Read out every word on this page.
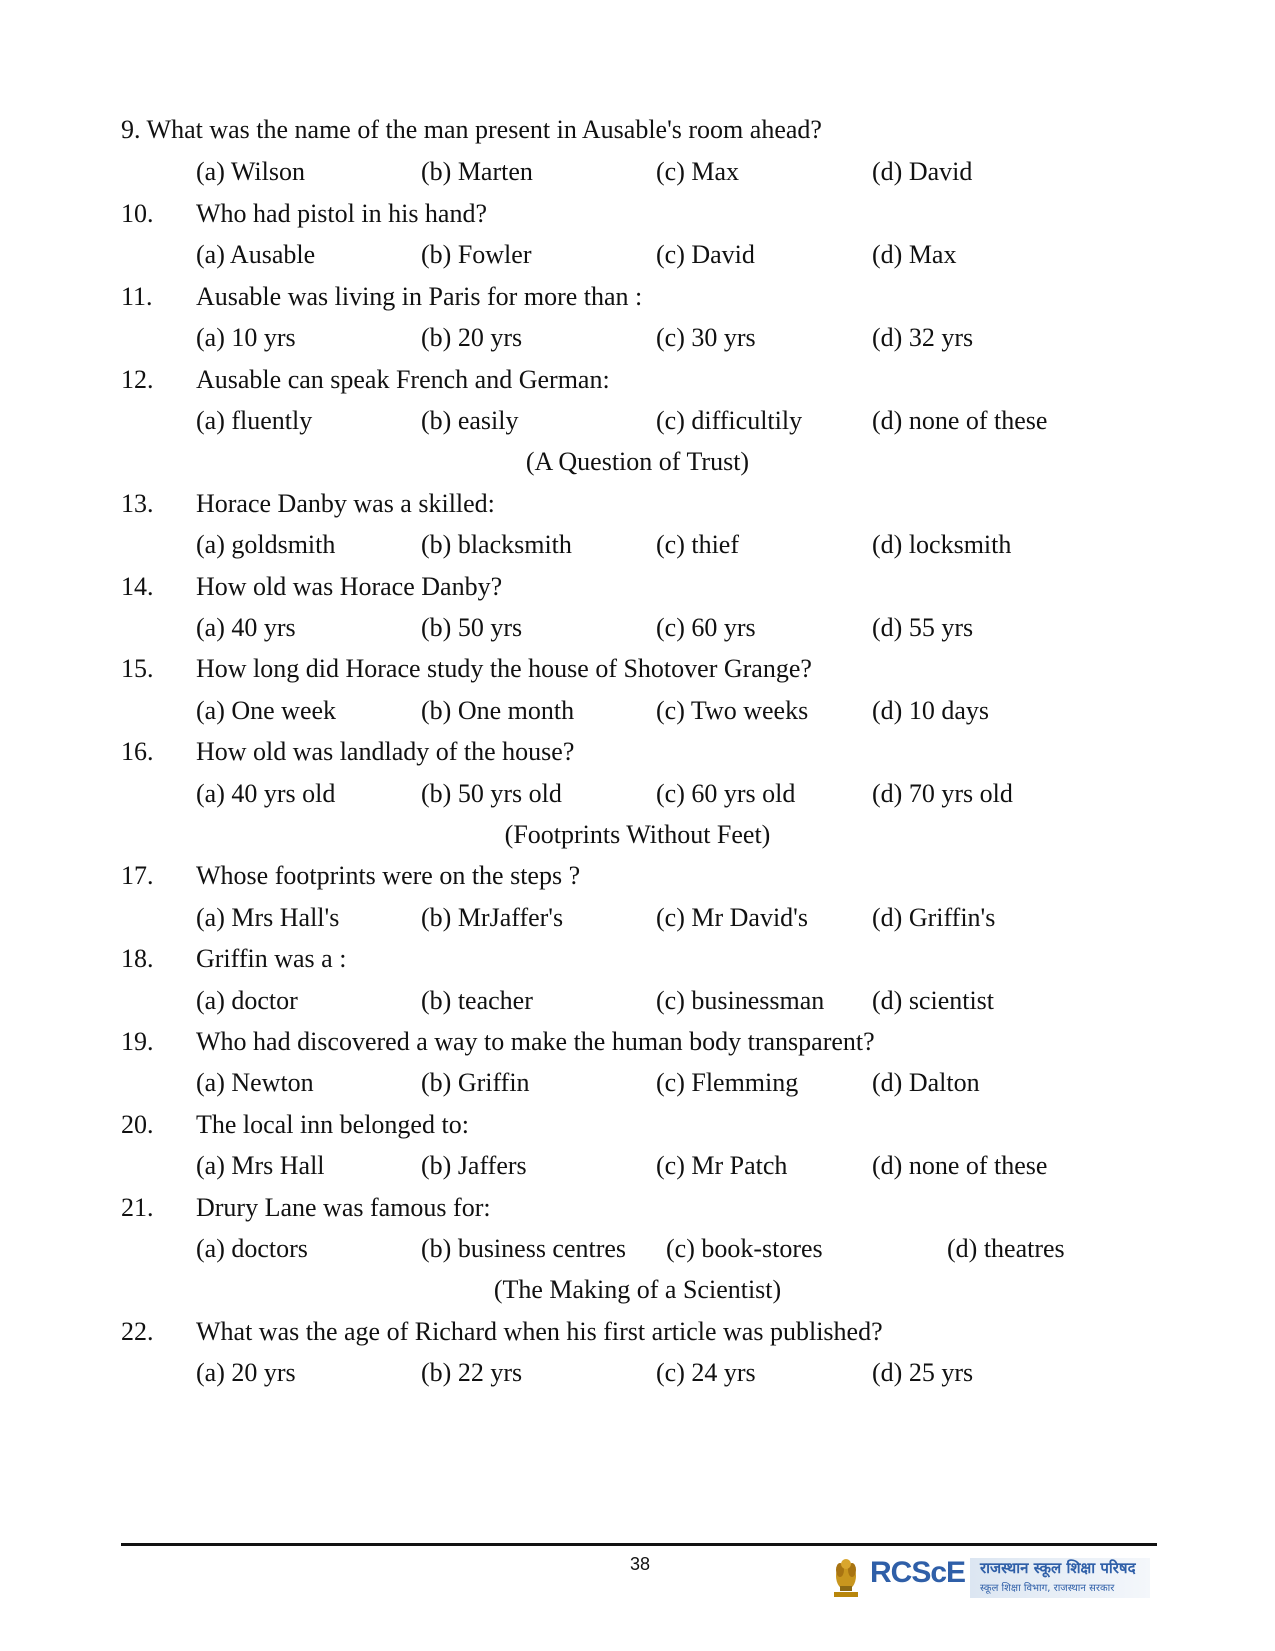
9. What was the name of the man present in Ausable's room ahead?
(a) Wilson	(b) Marten	(c) Max	(d) David
10. Who had pistol in his hand?
(a) Ausable	(b) Fowler	(c) David	(d) Max
11. Ausable was living in Paris for more than :
(a) 10 yrs	(b) 20 yrs	(c) 30 yrs	(d) 32 yrs
12. Ausable can speak French and German:
(a) fluently	(b) easily	(c) difficultily	(d) none of these
(A Question of Trust)
13. Horace Danby was a skilled:
(a) goldsmith	(b) blacksmith	(c) thief	(d) locksmith
14. How old was Horace Danby?
(a) 40 yrs	(b) 50 yrs	(c) 60 yrs	(d) 55 yrs
15. How long did Horace study the house of Shotover Grange?
(a) One week	(b) One month	(c) Two weeks (d) 10 days
16. How old was landlady of the house?
(a) 40 yrs old	(b) 50 yrs old	(c) 60 yrs old	(d) 70 yrs old
(Footprints Without Feet)
17. Whose footprints were on the steps ?
(a) Mrs Hall's	(b) MrJaffer's	(c) Mr David's (d) Griffin's
18. Griffin was a :
(a) doctor	(b) teacher	(c) businessman (d) scientist
19. Who had discovered a way to make the human body transparent?
(a) Newton	(b) Griffin	(c) Flemming	(d) Dalton
20. The local inn belonged to:
(a) Mrs Hall	(b) Jaffers	(c) Mr Patch	(d) none of these
21. Drury Lane was famous for:
(a) doctors	(b) business centres (c) book-stores	(d) theatres
(The Making of a Scientist)
22. What was the age of Richard when his first article was published?
(a) 20 yrs	(b) 22 yrs	(c) 24 yrs	(d) 25 yrs
38	RCScE राजस्थान स्कूल शिक्षा परिषद
स्कूल शिक्षा विभाग, राजस्थान सरकार
